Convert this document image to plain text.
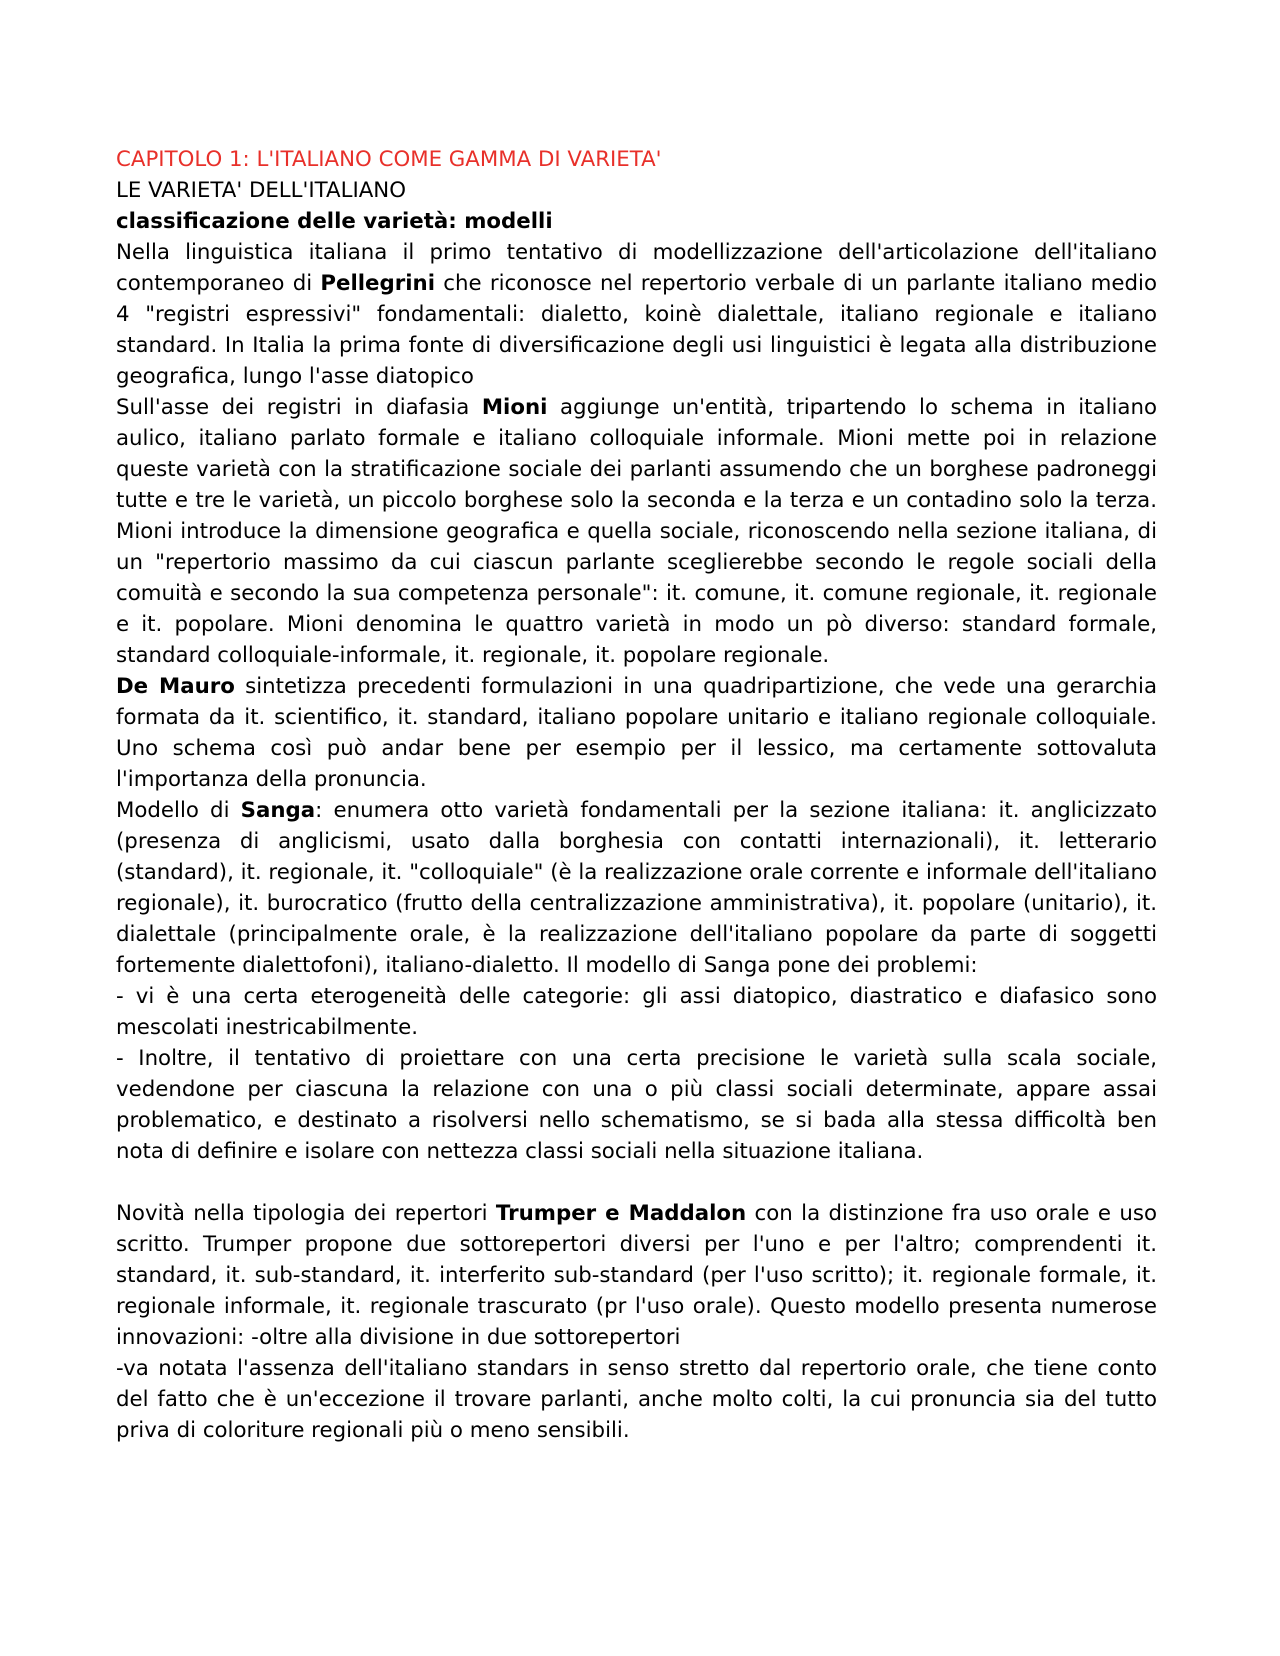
CAPITOLO 1: L'ITALIANO COME GAMMA DI VARIETA'
LE VARIETA' DELL'ITALIANO
classificazione delle varietà: modelli

Nella linguistica italiana il primo tentativo di modellizzazione dell'articolazione dell'italiano contemporaneo di Pellegrini che riconosce nel repertorio verbale di un parlante italiano medio 4 "registri espressivi" fondamentali: dialetto, koinè dialettale, italiano regionale e italiano standard. In Italia la prima fonte di diversificazione degli usi linguistici è legata alla distribuzione geografica, lungo l'asse diatopico

Sull'asse dei registri in diafasia Mioni aggiunge un'entità, tripartendo lo schema in italiano aulico, italiano parlato formale e italiano colloquiale informale. Mioni mette poi in relazione queste varietà con la stratificazione sociale dei parlanti assumendo che un borghese padroneggi tutte e tre le varietà, un piccolo borghese solo la seconda e la terza e un contadino solo la terza. Mioni introduce la dimensione geografica e quella sociale, riconoscendo nella sezione italiana, di un "repertorio massimo da cui ciascun parlante sceglierebbe secondo le regole sociali della comuità e secondo la sua competenza personale": it. comune, it. comune regionale, it. regionale e it. popolare. Mioni denomina le quattro varietà in modo un pò diverso: standard formale, standard colloquiale-informale, it. regionale, it. popolare regionale.

De Mauro sintetizza precedenti formulazioni in una quadripartizione, che vede una gerarchia formata da it. scientifico, it. standard, italiano popolare unitario e italiano regionale colloquiale. Uno schema così può andar bene per esempio per il lessico, ma certamente sottovaluta l'importanza della pronuncia.

Modello di Sanga: enumera otto varietà fondamentali per la sezione italiana: it. anglicizzato (presenza di anglicismi, usato dalla borghesia con contatti internazionali), it. letterario (standard), it. regionale, it. "colloquiale" (è la realizzazione orale corrente e informale dell'italiano regionale), it. burocratico (frutto della centralizzazione amministrativa), it. popolare (unitario), it. dialettale (principalmente orale, è la realizzazione dell'italiano popolare da parte di soggetti fortemente dialettofoni), italiano-dialetto. Il modello di Sanga pone dei problemi:

- vi è una certa eterogeneità delle categorie: gli assi diatopico, diastratico e diafasico sono mescolati inestricabilmente.

- Inoltre, il tentativo di proiettare con una certa precisione le varietà sulla scala sociale, vedendone per ciascuna la relazione con una o più classi sociali determinate, appare assai problematico, e destinato a risolversi nello schematismo, se si bada alla stessa difficoltà ben nota di definire e isolare con nettezza classi sociali nella situazione italiana.

Novità nella tipologia dei repertori Trumper e Maddalon con la distinzione fra uso orale e uso scritto. Trumper propone due sottorepertori diversi per l'uno e per l'altro; comprendenti it. standard, it. sub-standard, it. interferito sub-standard (per l'uso scritto); it. regionale formale, it. regionale informale, it. regionale trascurato (pr l'uso orale). Questo modello presenta numerose innovazioni: -oltre alla divisione in due sottorepertori

-va notata l'assenza dell'italiano standars in senso stretto dal repertorio orale, che tiene conto del fatto che è un'eccezione il trovare parlanti, anche molto colti, la cui pronuncia sia del tutto priva di coloriture regionali più o meno sensibili.
